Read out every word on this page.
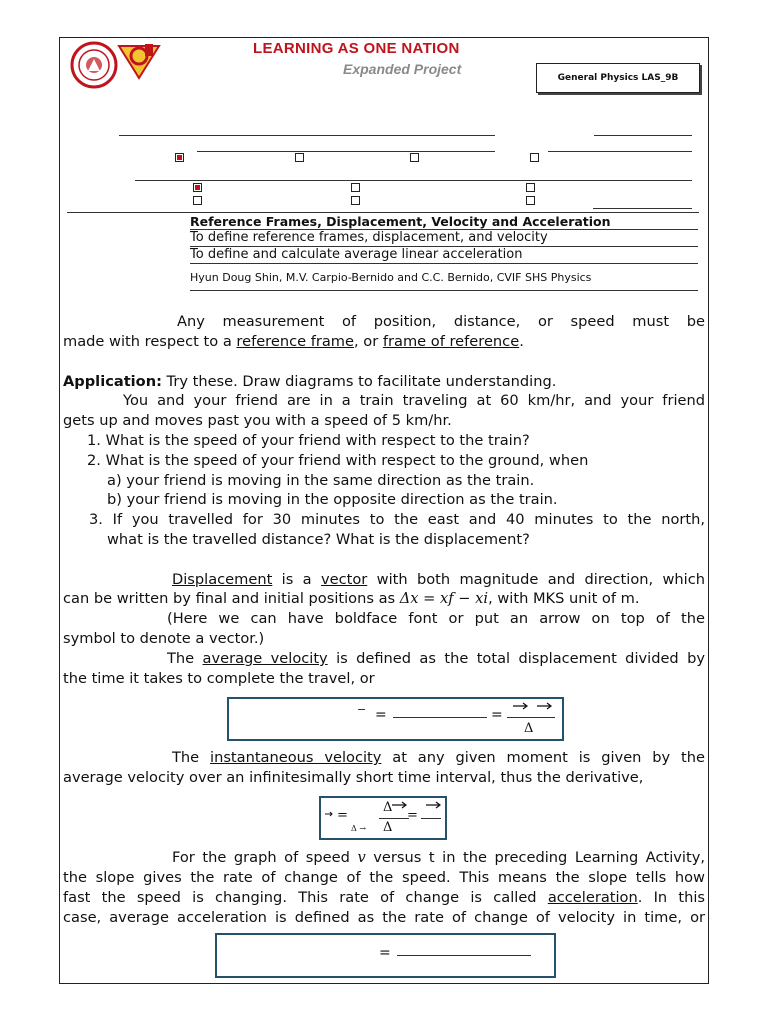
LEARNING AS ONE NATION
Expanded Project
General Physics LAS_9B
Reference Frames, Displacement, Velocity and Acceleration
To define reference frames, displacement, and velocity
To define and calculate average linear acceleration
Hyun Doug Shin, M.V. Carpio-Bernido and C.C. Bernido, CVIF SHS Physics
Any measurement of position, distance, or speed must be
made with respect to a reference frame, or frame of reference.
Application: Try these. Draw diagrams to facilitate understanding.
You and your friend are in a train traveling at 60 km/hr, and your friend
gets up and moves past you with a speed of 5 km/hr.
1. What is the speed of your friend with respect to the train?
2. What is the speed of your friend with respect to the ground, when
a) your friend is moving in the same direction as the train.
b) your friend is moving in the opposite direction as the train.
3. If you travelled for 30 minutes to the east and 40 minutes to the north,
what is the travelled distance? What is the displacement?
Displacement is a vector with both magnitude and direction, which
can be written by final and initial positions as Δx = xf − xi, with MKS unit of m.
(Here we can have boldface font or put an arrow on top of the
symbol to denote a vector.)
The average velocity is defined as the total displacement divided by
the time it takes to complete the travel, or
− =	=
Δ
The instantaneous velocity at any given moment is given by the
average velocity over an infinitesimally short time interval, thus the derivative,
=
Δ →
Δ
Δ
=
For the graph of speed v versus t in the preceding Learning Activity,
the slope gives the rate of change of the speed. This means the slope tells how
fast the speed is changing. This rate of change is called acceleration. In this
case, average acceleration is defined as the rate of change of velocity in time, or
=
